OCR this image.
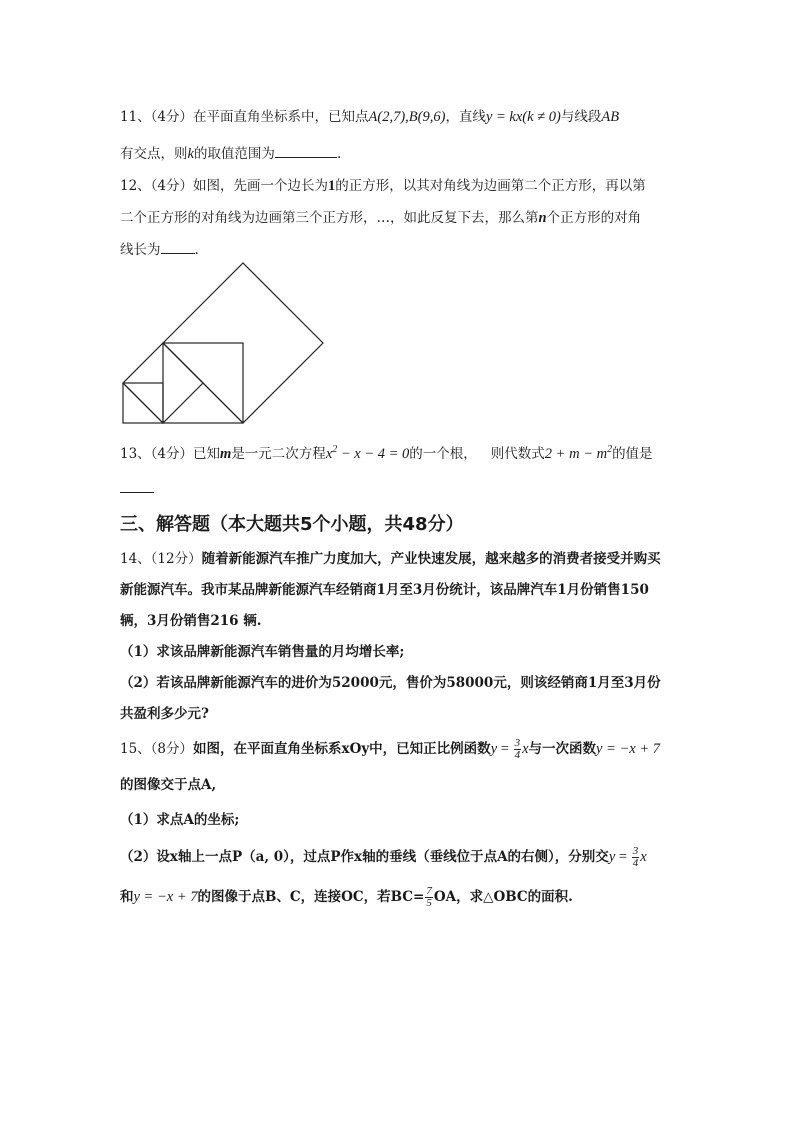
11、（4分）在平面直角坐标系中，已知点A(2,7),B(9,6)，直线y = kx(k ≠ 0)与线段AB
有交点，则k的取值范围为	.
12、（4分）如图，先画一个边长为1的正方形，以其对角线为边画第二个正方形，再以第
二个正方形的对角线为边画第三个正方形，…，如此反复下去，那么第n个正方形的对角
线长为	.
13、（4分）已知m是一元二次方程$x^2 - x - 4 = 0$的一个根， 则代数式$2 + m - m^2$的值是
三、解答题（本大题共5个小题，共48分）
14、（12分）随着新能源汽车推广力度加大，产业快速发展，越来越多的消费者接受并购买
新能源汽车。我市某品牌新能源汽车经销商1月至3月份统计，该品牌汽车1月份销售150
辆，3月份销售216 辆.
（1）求该品牌新能源汽车销售量的月均增长率;
（2）若该品牌新能源汽车的进价为52000元，售价为58000元，则该经销商1月至3月份
共盈利多少元?
15、（8分）如图，在平面直角坐标系xOy中，已知正比例函数$y = \frac{3}{4}$ x与一次函数y = −x + 7
的图像交于点A,
（1）求点A的坐标;
（2）设x轴上一点P（a, 0），过点P作x轴的垂线（垂线位于点A的右侧），分别交$y = \frac{3}{4}$ x
和y = −x + 7的图像于点B、C，连接OC，若$BC= \frac{7}{5}$ OA，求△OBC的面积.
